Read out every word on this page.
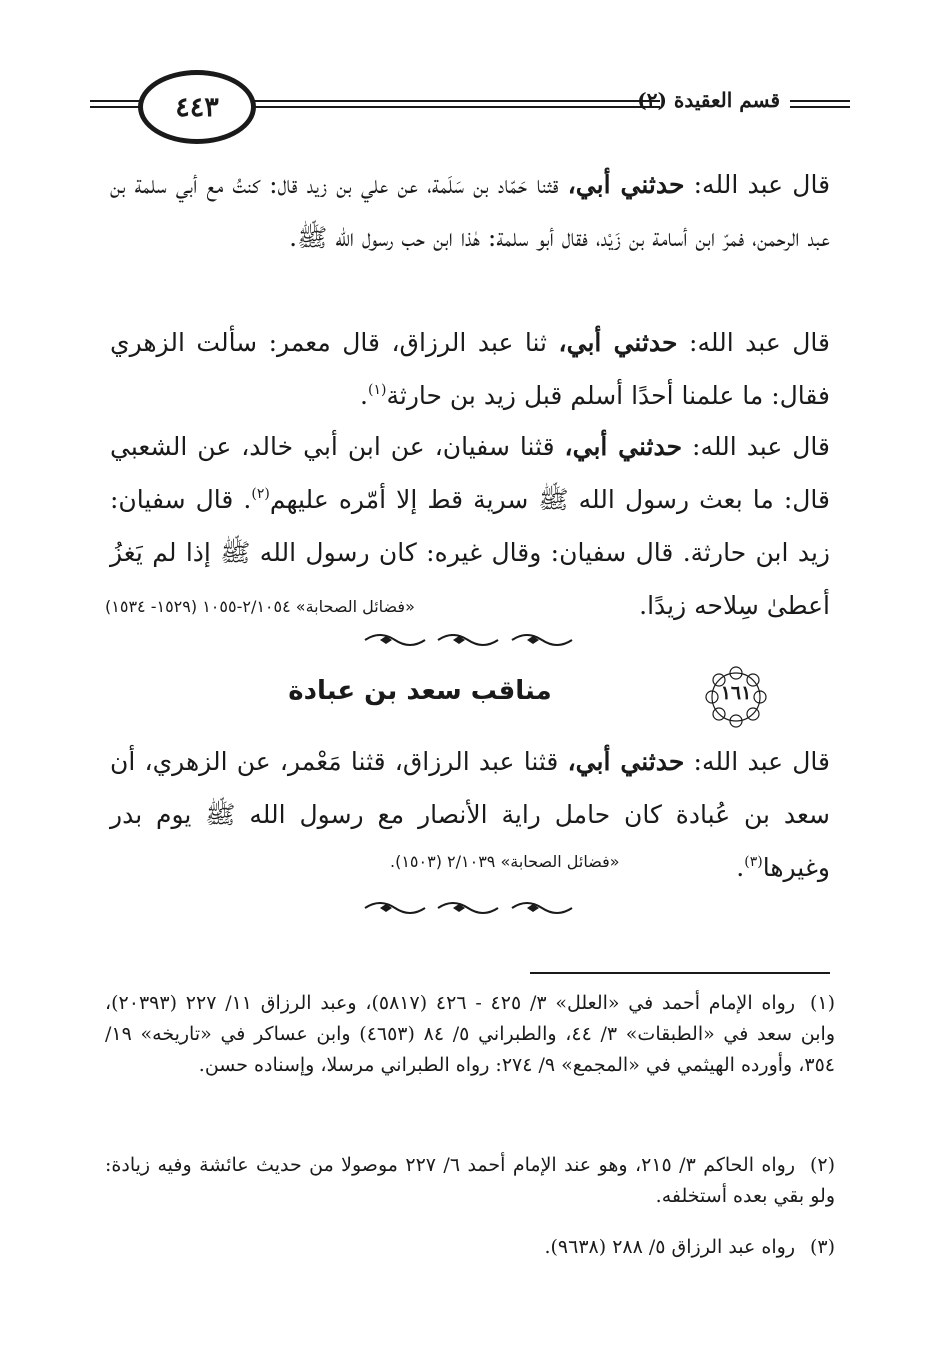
٤٤٣	قسم العقيدة (٢)
قال عبد الله: حدثني أبي، قثنا حَمّاد بن سَلَمة، عن علي بن زيد قال: كنتُ مع أبي سلمة بن عبد الرحمن، فمرّ ابن أسامة بن زَيْد، فقال أبو سلمة: هٰذا ابن حب رسول الله ﷺ.
قال عبد الله: حدثني أبي، ثنا عبد الرزاق، قال معمر: سألت الزهري فقال: ما علمنا أحدًا أسلم قبل زيد بن حارثة$^{(١)}$.
قال عبد الله: حدثني أبي، قثنا سفيان، عن ابن أبي خالد، عن الشعبي قال: ما بعث رسول الله ﷺ سرية قط إلا أمّره عليهم$^{(٢)}$. قال سفيان: زيد ابن حارثة. قال سفيان: وقال غيره: كان رسول الله ﷺ إذا لم يَغزُ أعطىٰ سِلاحه زيدًا.
«فضائل الصحابة» ٢/١٠٥٤-١٠٥٥ (١٥٢٩- ١٥٣٤)
١٦١
مناقب سعد بن عبادة
قال عبد الله: حدثني أبي، قثنا عبد الرزاق، قثنا مَعْمر، عن الزهري، أن سعد بن عُبادة كان حامل راية الأنصار مع رسول الله ﷺ يوم بدر وغيرها$^{(٣)}$.
«فضائل الصحابة» ٢/١٠٣٩ (١٥٠٣).
(١)رواه الإمام أحمد في «العلل» ٣/ ٤٢٥ - ٤٢٦ (٥٨١٧)، وعبد الرزاق ١١/ ٢٢٧ (٢٠٣٩٣)، وابن سعد في «الطبقات» ٣/ ٤٤، والطبراني ٥/ ٨٤ (٤٦٥٣) وابن عساكر في «تاريخه» ١٩/ ٣٥٤، وأورده الهيثمي في «المجمع» ٩/ ٢٧٤: رواه الطبراني مرسلا، وإسناده حسن.
(٢)رواه الحاكم ٣/ ٢١٥، وهو عند الإمام أحمد ٦/ ٢٢٧ موصولا من حديث عائشة وفيه زيادة: ولو بقي بعده أستخلفه.
(٣)رواه عبد الرزاق ٥/ ٢٨٨ (٩٦٣٨).
